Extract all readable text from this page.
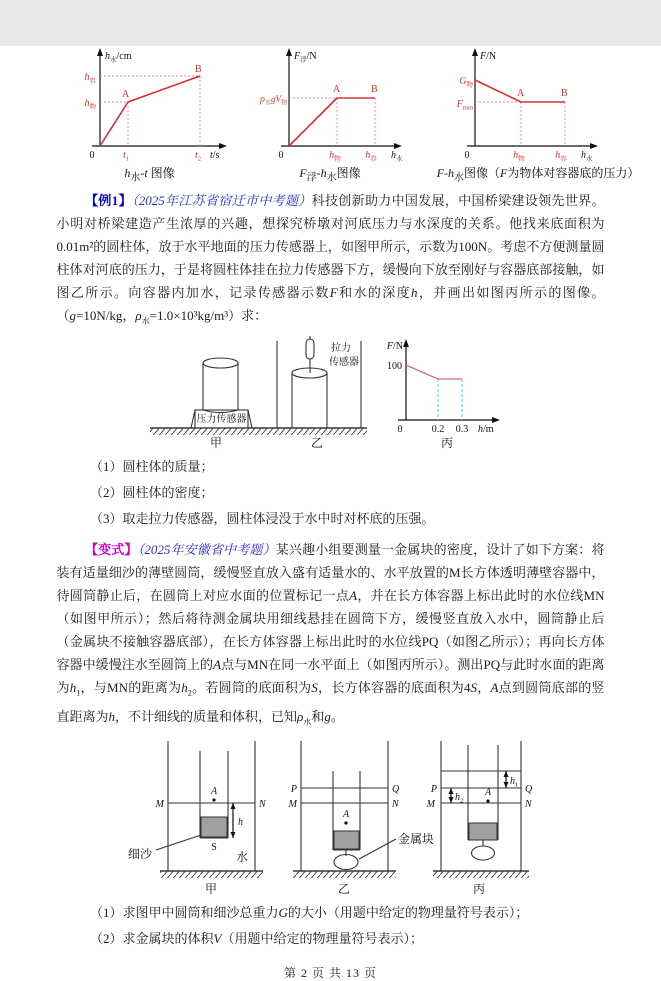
$h_水/cm$
$h_容$
$h_物$
A
B
0	$t_1$	$t_2$ t/s
$h_水-t$ 图像
$F_浮/N$
$\rho_水gV_物$
A	B
0	$h_物$ $h_容$ $h_水$
$F_浮-h_水$图像
F/N
$G_物$
$F_{min}$
A	B
0	$h_物$	$h_容$ $h_水$
$F-h_水$图像（F为物体对容器底的压力）

【例1】（2025年江苏省宿迁市中考题）科技创新助力中国发展，中国桥梁建设领先世界。小明对桥梁建造产生浓厚的兴趣，想探究桥墩对河底压力与水深度的关系。他找来底面积为0.01m²的圆柱体，放于水平地面的压力传感器上，如图甲所示，示数为100N。考虑不方便测量圆柱体对河底的压力，于是将圆柱体挂在拉力传感器下方，缓慢向下放至刚好与容器底部接触，如图乙所示。向容器内加水，记录传感器示数F和水的深度h，并画出如图丙所示的图像。（g=10N/kg，$\rho_水=1.0\times 10^3kg/m^3$）求：

压力传感器
甲
拉力
传感器
乙
F/N
100
0	0.2 0.3 h/m
丙
（1）圆柱体的质量；
（2）圆柱体的密度；
（3）取走拉力传感器，圆柱体浸没于水中时对杯底的压强。

【变式】（2025年安徽省中考题）某兴趣小组要测量一金属块的密度，设计了如下方案：将装有适量细沙的薄壁圆筒，缓慢竖直放入盛有适量水的、水平放置的M长方体透明薄壁容器中，待圆筒静止后，在圆筒上对应水面的位置标记一点A，并在长方体容器上标出此时的水位线MN（如图甲所示）；然后将待测金属块用细线悬挂在圆筒下方，缓慢竖直放入水中，圆筒静止后（金属块不接触容器底部），在长方体容器上标出此时的水位线PQ（如图乙所示）；再向长方体容器中缓慢注水至圆筒上的A点与MN在同一水平面上（如图丙所示）。测出PQ与此时水面的距离为$h_1$，与MN的距离为$h_2$。若圆筒的底面积为S，长方体容器的底面积为4S，A点到圆筒底部的竖直距离为h，不计细线的质量和体积，已知$\rho_水$和g。

A
M	N
h
S
细沙	水
甲
A
P	Q
M	N
金属块
乙
A
P	Q
M	N
$h_1$
$h_2$
丙
（1）求图甲中圆筒和细沙总重力G的大小（用题中给定的物理量符号表示）；
（2）求金属块的体积V（用题中给定的物理量符号表示）；
第 2 页 共 13 页
